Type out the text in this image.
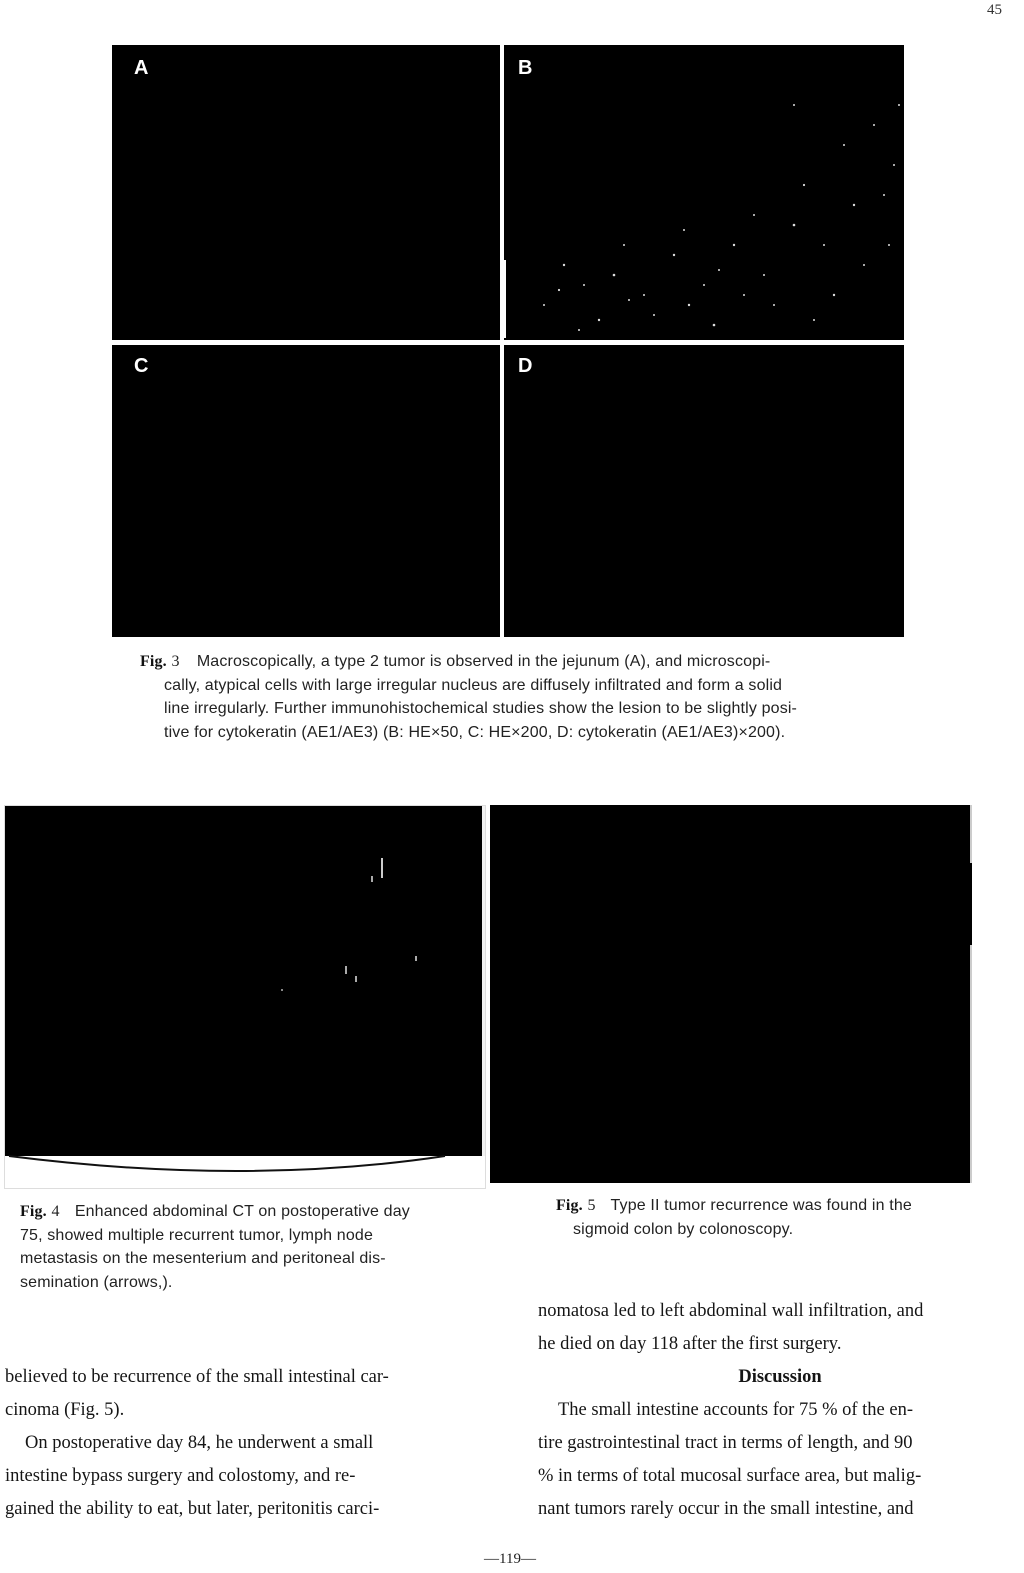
45
A	B
C	D
Fig. 3 Macroscopically, a type 2 tumor is observed in the jejunum (A), and microscopi-
cally, atypical cells with large irregular nucleus are diffusely infiltrated and form a solid
line irregularly. Further immunohistochemical studies show the lesion to be slightly posi-
tive for cytokeratin (AE1/AE3) (B: HE×50, C: HE×200, D: cytokeratin (AE1/AE3)×200).
Fig. 4 Enhanced abdominal CT on postoperative day
75, showed multiple recurrent tumor, lymph node
metastasis on the mesenterium and peritoneal dis-
semination (arrows,).
Fig. 5 Type II tumor recurrence was found in the
sigmoid colon by colonoscopy.

believed to be recurrence of the small intestinal car-
cinoma (Fig. 5).

On postoperative day 84, he underwent a small
intestine bypass surgery and colostomy, and re-
gained the ability to eat, but later, peritonitis carci-

nomatosa led to left abdominal wall infiltration, and
he died on day 118 after the first surgery.

Discussion

The small intestine accounts for 75 % of the en-
tire gastrointestinal tract in terms of length, and 90
% in terms of total mucosal surface area, but malig-
nant tumors rarely occur in the small intestine, and

—119—
